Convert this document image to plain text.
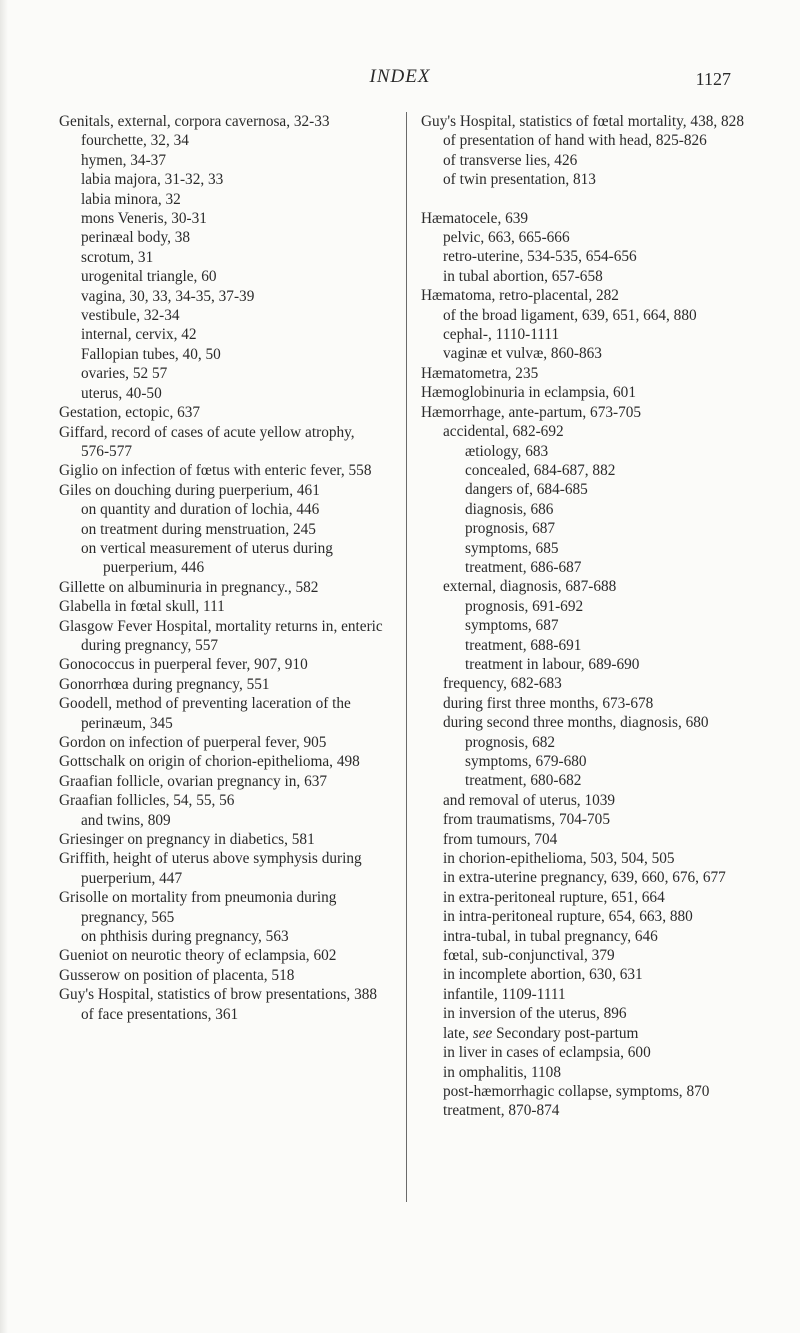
INDEX	1127

Genitals, external, corpora cavernosa, 32-33

fourchette, 32, 34

hymen, 34-37

labia majora, 31-32, 33

labia minora, 32

mons Veneris, 30-31

perinæal body, 38

scrotum, 31

urogenital triangle, 60

vagina, 30, 33, 34-35, 37-39

vestibule, 32-34

internal, cervix, 42

Fallopian tubes, 40, 50

ovaries, 52 57

uterus, 40-50

Gestation, ectopic, 637

Giffard, record of cases of acute yellow atrophy, 576-577

Giglio on infection of fœtus with enteric fever, 558

Giles on douching during puerperium, 461

on quantity and duration of lochia, 446

on treatment during menstruation, 245

on vertical measurement of uterus during puerperium, 446

Gillette on albuminuria in pregnancy., 582

Glabella in fœtal skull, 111

Glasgow Fever Hospital, mortality returns in, enteric during pregnancy, 557

Gonococcus in puerperal fever, 907, 910

Gonorrhœa during pregnancy, 551

Goodell, method of preventing laceration of the perinæum, 345

Gordon on infection of puerperal fever, 905

Gottschalk on origin of chorion-epithelioma, 498

Graafian follicle, ovarian pregnancy in, 637

Graafian follicles, 54, 55, 56

and twins, 809

Griesinger on pregnancy in diabetics, 581

Griffith, height of uterus above symphysis during puerperium, 447

Grisolle on mortality from pneumonia during pregnancy, 565

on phthisis during pregnancy, 563

Gueniot on neurotic theory of eclampsia, 602

Gusserow on position of placenta, 518

Guy's Hospital, statistics of brow presentations, 388

of face presentations, 361

Guy's Hospital, statistics of fœtal mortality, 438, 828

of presentation of hand with head, 825-826

of transverse lies, 426

of twin presentation, 813

Hæmatocele, 639

pelvic, 663, 665-666

retro-uterine, 534-535, 654-656

in tubal abortion, 657-658

Hæmatoma, retro-placental, 282

of the broad ligament, 639, 651, 664, 880

cephal-, 1110-1111

vaginæ et vulvæ, 860-863

Hæmatometra, 235

Hæmoglobinuria in eclampsia, 601

Hæmorrhage, ante-partum, 673-705

accidental, 682-692

ætiology, 683

concealed, 684-687, 882

dangers of, 684-685

diagnosis, 686

prognosis, 687

symptoms, 685

treatment, 686-687

external, diagnosis, 687-688

prognosis, 691-692

symptoms, 687

treatment, 688-691

treatment in labour, 689-690

frequency, 682-683

during first three months, 673-678

during second three months, diagnosis, 680

prognosis, 682

symptoms, 679-680

treatment, 680-682

and removal of uterus, 1039

from traumatisms, 704-705

from tumours, 704

in chorion-epithelioma, 503, 504, 505

in extra-uterine pregnancy, 639, 660, 676, 677

in extra-peritoneal rupture, 651, 664

in intra-peritoneal rupture, 654, 663, 880

intra-tubal, in tubal pregnancy, 646

fœtal, sub-conjunctival, 379

in incomplete abortion, 630, 631

infantile, 1109-1111

in inversion of the uterus, 896

late, see Secondary post-partum

in liver in cases of eclampsia, 600

in omphalitis, 1108

post-hæmorrhagic collapse, symptoms, 870

treatment, 870-874
